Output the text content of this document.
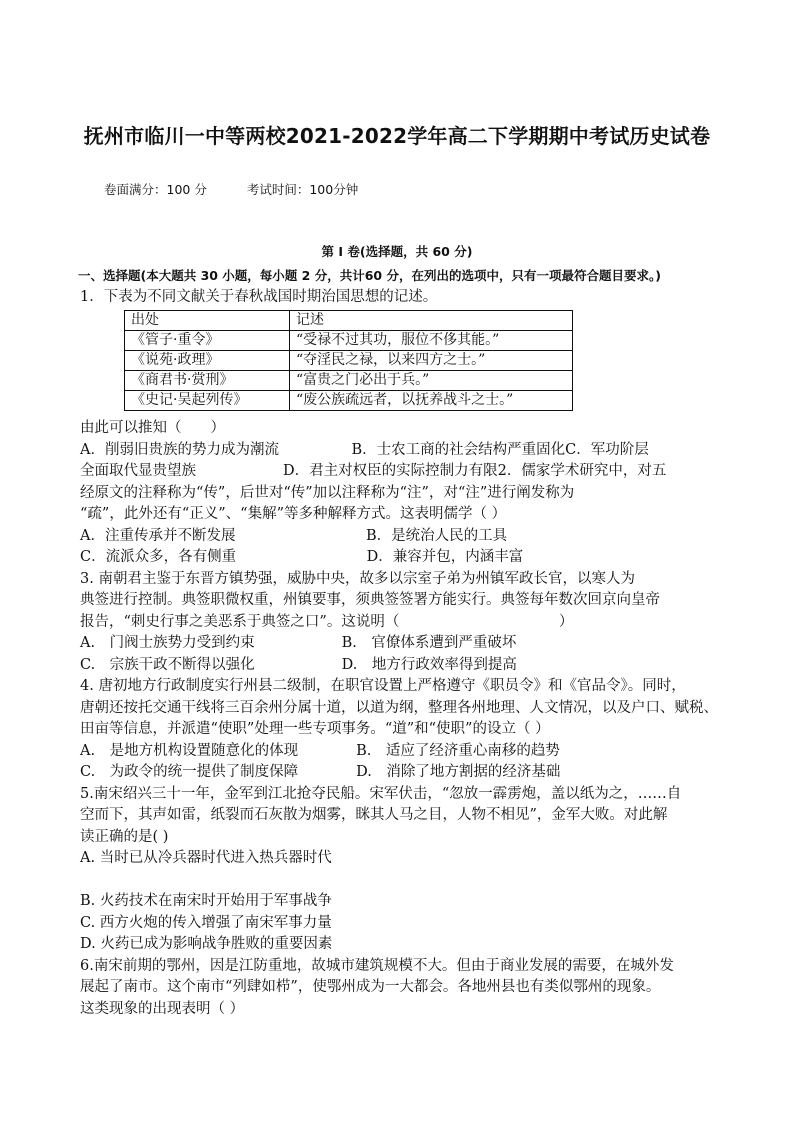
抚州市临川一中等两校2021-2022学年高二下学期期中考试历史试卷
卷面满分：100 分	考试时间：100分钟
第 I 卷(选择题，共 60 分)
一、选择题(本大题共 30 小题，每小题 2 分，共计60 分，在列出的选项中，只有一项最符合题目要求。)
1．下表为不同文献关于春秋战国时期治国思想的记述。
出处	记述
《管子·重令》	“受禄不过其功，服位不侈其能。”
《说苑·政理》	“夺淫民之禄，以来四方之士。”
《商君书·赏刑》	“富贵之门必出于兵。”
《史记·吴起列传》	“废公族疏远者，以抚养战斗之士。”
由此可以推知（　　）
A．削弱旧贵族的势力成为潮流　　　　　B．士农工商的社会结构严重固化C．军功阶层
全面取代显贵望族　　　　　　D．君主对权臣的实际控制力有限2．儒家学术研究中，对五
经原文的注释称为“传”，后世对“传”加以注释称为“注”，对“注”进行阐发称为
“疏”，此外还有“正义”、“集解”等多种解释方式。这表明儒学（ ）
A．注重传承并不断发展　　　　　　　　　B．是统治人民的工具
C．流派众多，各有侧重　　　　　　　　　D．兼容并包，内涵丰富
3. 南朝君主鉴于东晋方镇势强，威胁中央，故多以宗室子弟为州镇军政长官，以寒人为
典签进行控制。典签职微权重，州镇要事，须典签签署方能实行。典签每年数次回京向皇帝
报告，“刺史行事之美恶系于典签之口”。这说明（　　　　　　　　　　　）
A.　门阀士族势力受到约束　　　　　　B.　官僚体系遭到严重破坏
C.　宗族干政不断得以强化　　　　　　D.　地方行政效率得到提高
4. 唐初地方行政制度实行州县二级制，在职官设置上严格遵守《职员令》和《官品令》。同时，
唐朝还按托交通干线将三百余州分属十道，以道为纲，整理各州地理、人文情况，以及户口、赋税、
田亩等信息，并派遣“使职”处理一些专项事务。“道”和“使职”的设立（ ）
A.　是地方机构设置随意化的体现　　　　B.　适应了经济重心南移的趋势
C.　为政令的统一提供了制度保障　　　　D.　消除了地方割据的经济基础
5.南宋绍兴三十一年，金军到江北抢夺民船。宋军伏击，“忽放一霹雳炮，盖以纸为之，……自
空而下，其声如雷，纸裂而石灰散为烟雾，眯其人马之目，人物不相见”，金军大败。对此解
读正确的是( )
A. 当时已从冷兵器时代进入热兵器时代
B. 火药技术在南宋时开始用于军事战争
C. 西方火炮的传入增强了南宋军事力量
D. 火药已成为影响战争胜败的重要因素
6.南宋前期的鄂州，因是江防重地，故城市建筑规模不大。但由于商业发展的需要，在城外发
展起了南市。这个南市“列肆如栉”，使鄂州成为一大都会。各地州县也有类似鄂州的现象。
这类现象的出现表明（ ）
